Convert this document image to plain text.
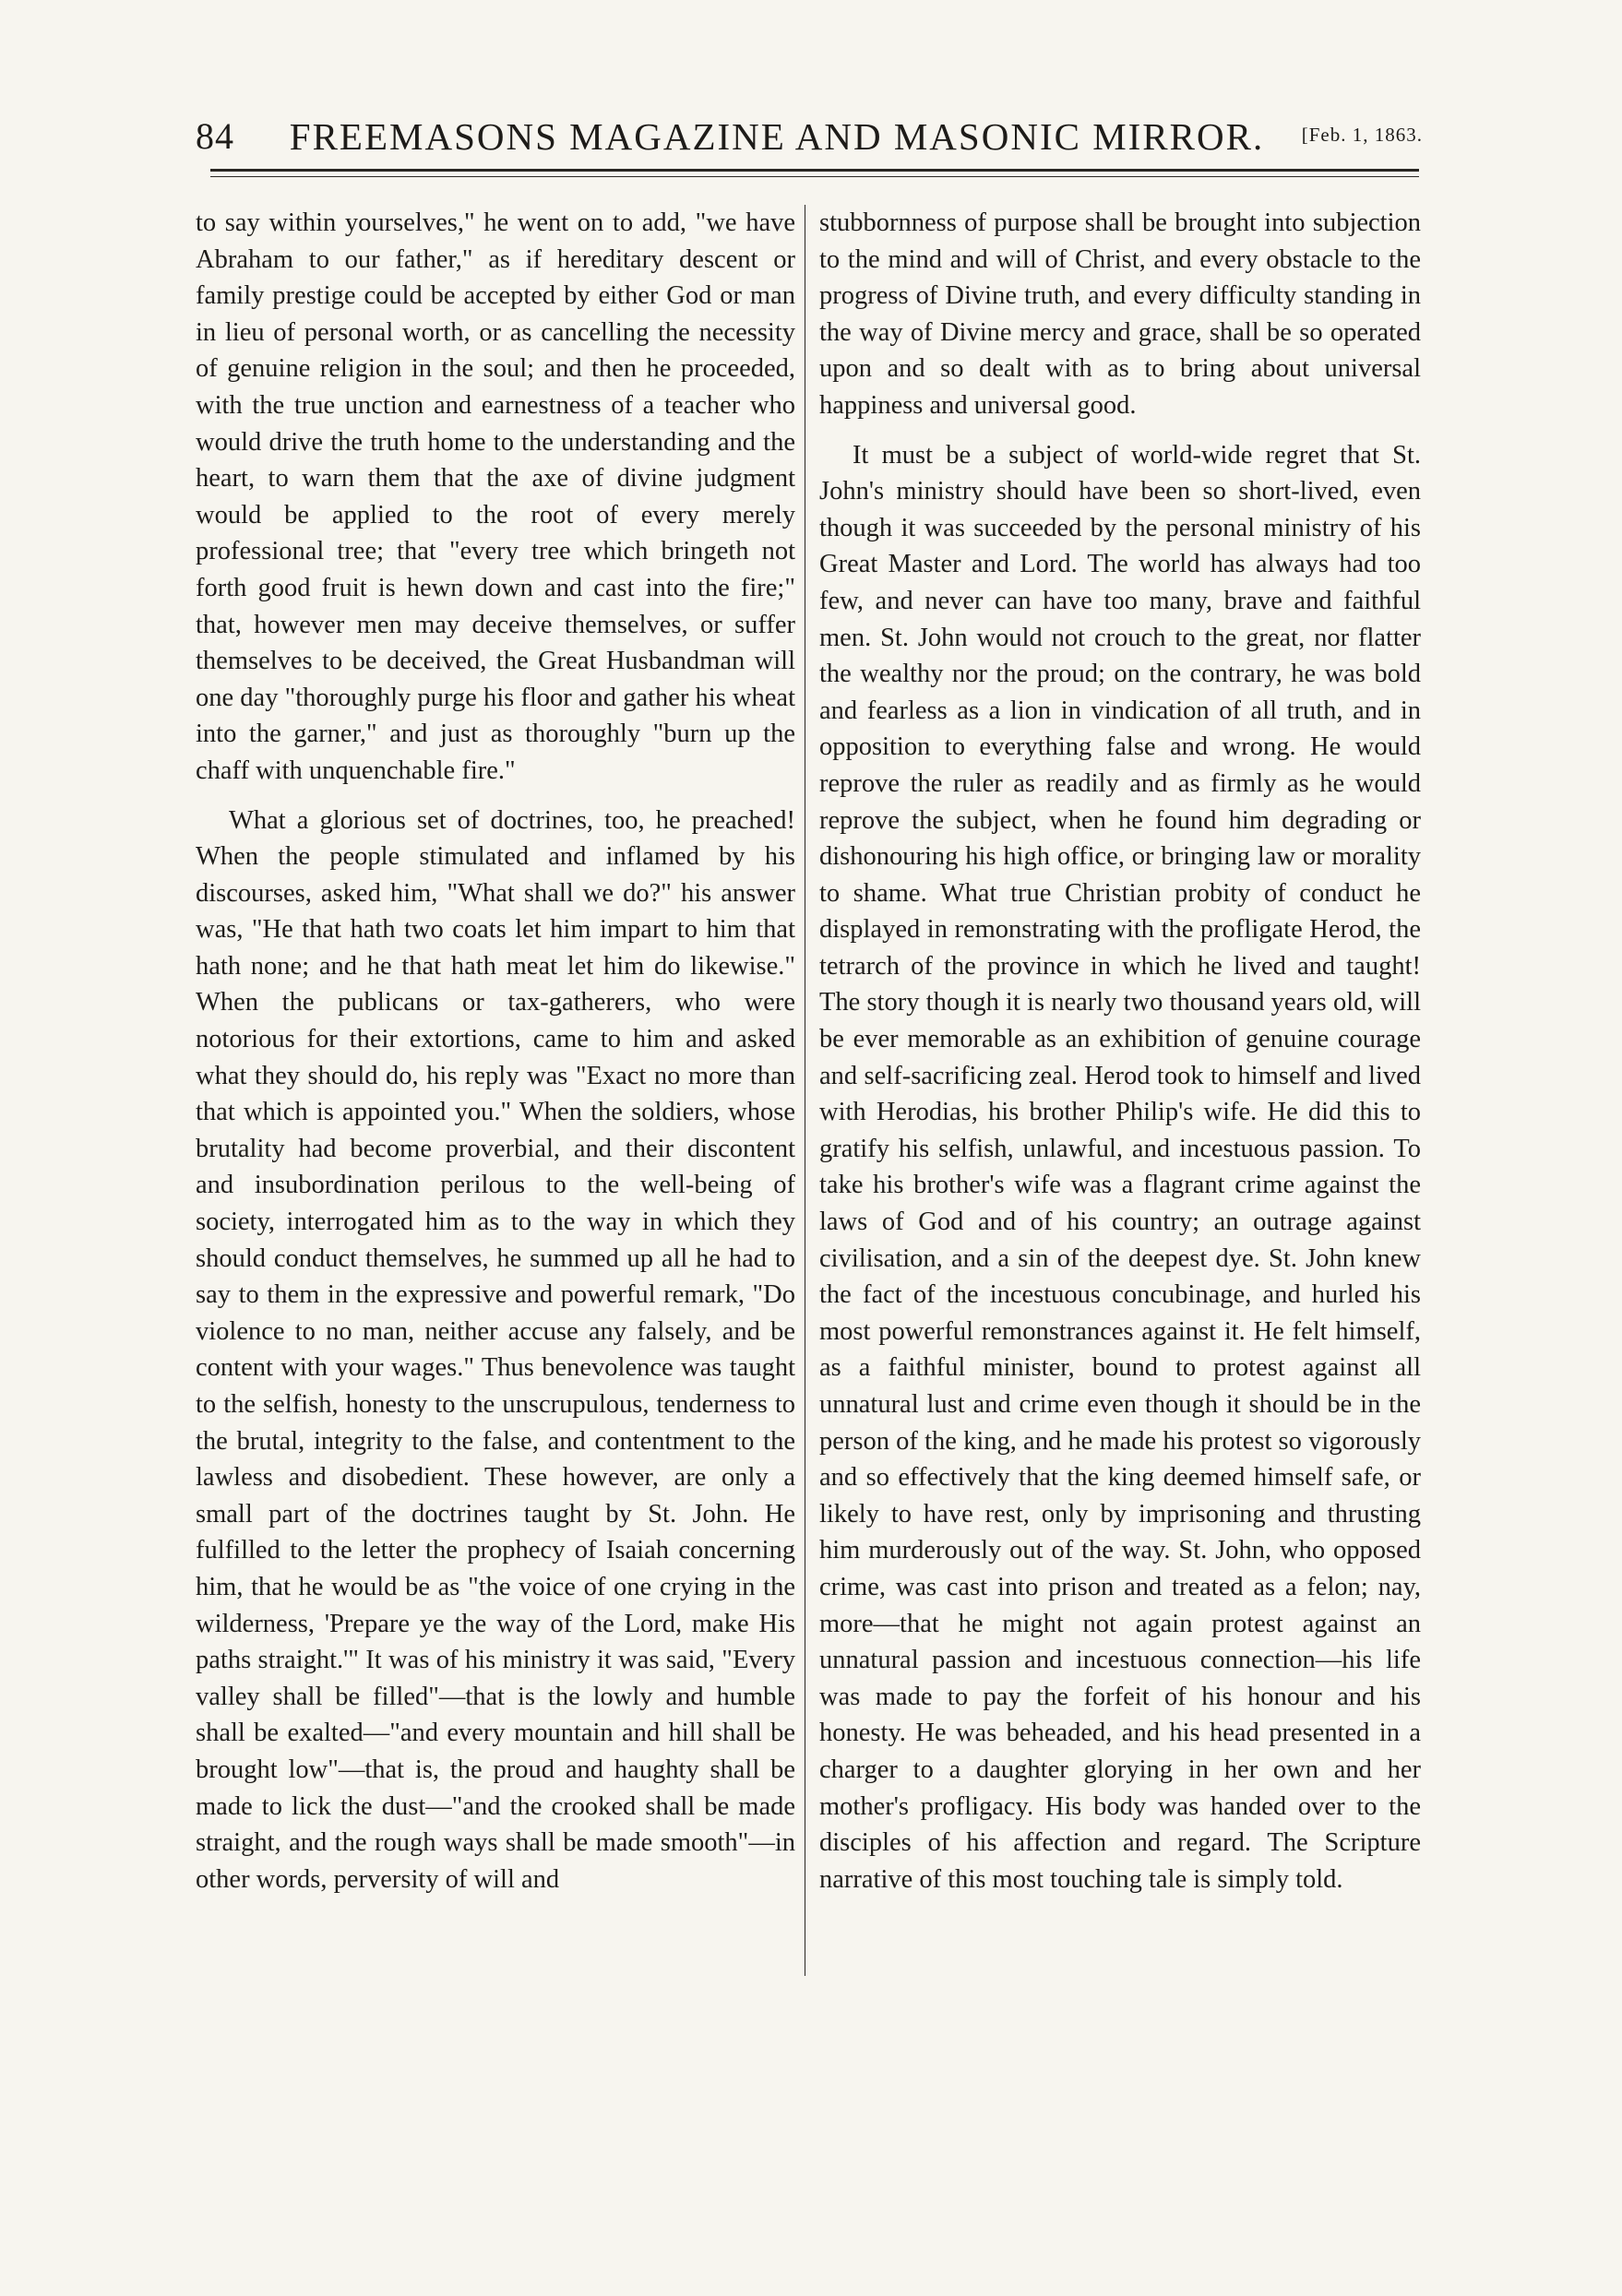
84 FREEMASONS MAGAZINE AND MASONIC MIRROR.	[Feb. 1, 1863.

to say within yourselves," he went on to add, "we have Abraham to our father," as if hereditary descent or family prestige could be accepted by either God or man in lieu of personal worth, or as cancelling the necessity of genuine religion in the soul; and then he proceeded, with the true unction and earnestness of a teacher who would drive the truth home to the understanding and the heart, to warn them that the axe of divine judgment would be applied to the root of every merely professional tree; that "every tree which bringeth not forth good fruit is hewn down and cast into the fire;" that, however men may deceive themselves, or suffer themselves to be deceived, the Great Husbandman will one day "thoroughly purge his floor and gather his wheat into the garner," and just as thoroughly "burn up the chaff with unquenchable fire."

What a glorious set of doctrines, too, he preached! When the people stimulated and inflamed by his discourses, asked him, "What shall we do?" his answer was, "He that hath two coats let him impart to him that hath none; and he that hath meat let him do likewise." When the publicans or tax-gatherers, who were notorious for their extortions, came to him and asked what they should do, his reply was "Exact no more than that which is appointed you." When the soldiers, whose brutality had become proverbial, and their discontent and insubordination perilous to the well-being of society, interrogated him as to the way in which they should conduct themselves, he summed up all he had to say to them in the expressive and powerful remark, "Do violence to no man, neither accuse any falsely, and be content with your wages." Thus benevolence was taught to the selfish, honesty to the unscrupulous, tenderness to the brutal, integrity to the false, and contentment to the lawless and disobedient. These however, are only a small part of the doctrines taught by St. John. He fulfilled to the letter the prophecy of Isaiah concerning him, that he would be as "the voice of one crying in the wilderness, 'Prepare ye the way of the Lord, make His paths straight.'" It was of his ministry it was said, "Every valley shall be filled"—that is the lowly and humble shall be exalted—"and every mountain and hill shall be brought low"—that is, the proud and haughty shall be made to lick the dust—"and the crooked shall be made straight, and the rough ways shall be made smooth"—in other words, perversity of will and

stubbornness of purpose shall be brought into subjection to the mind and will of Christ, and every obstacle to the progress of Divine truth, and every difficulty standing in the way of Divine mercy and grace, shall be so operated upon and so dealt with as to bring about universal happiness and universal good.

It must be a subject of world-wide regret that St. John's ministry should have been so short-lived, even though it was succeeded by the personal ministry of his Great Master and Lord. The world has always had too few, and never can have too many, brave and faithful men. St. John would not crouch to the great, nor flatter the wealthy nor the proud; on the contrary, he was bold and fearless as a lion in vindication of all truth, and in opposition to everything false and wrong. He would reprove the ruler as readily and as firmly as he would reprove the subject, when he found him degrading or dishonouring his high office, or bringing law or morality to shame. What true Christian probity of conduct he displayed in remonstrating with the profligate Herod, the tetrarch of the province in which he lived and taught! The story though it is nearly two thousand years old, will be ever memorable as an exhibition of genuine courage and self-sacrificing zeal. Herod took to himself and lived with Herodias, his brother Philip's wife. He did this to gratify his selfish, unlawful, and incestuous passion. To take his brother's wife was a flagrant crime against the laws of God and of his country; an outrage against civilisation, and a sin of the deepest dye. St. John knew the fact of the incestuous concubinage, and hurled his most powerful remonstrances against it. He felt himself, as a faithful minister, bound to protest against all unnatural lust and crime even though it should be in the person of the king, and he made his protest so vigorously and so effectively that the king deemed himself safe, or likely to have rest, only by imprisoning and thrusting him murderously out of the way. St. John, who opposed crime, was cast into prison and treated as a felon; nay, more—that he might not again protest against an unnatural passion and incestuous connection—his life was made to pay the forfeit of his honour and his honesty. He was beheaded, and his head presented in a charger to a daughter glorying in her own and her mother's profligacy. His body was handed over to the disciples of his affection and regard. The Scripture narrative of this most touching tale is simply told.
